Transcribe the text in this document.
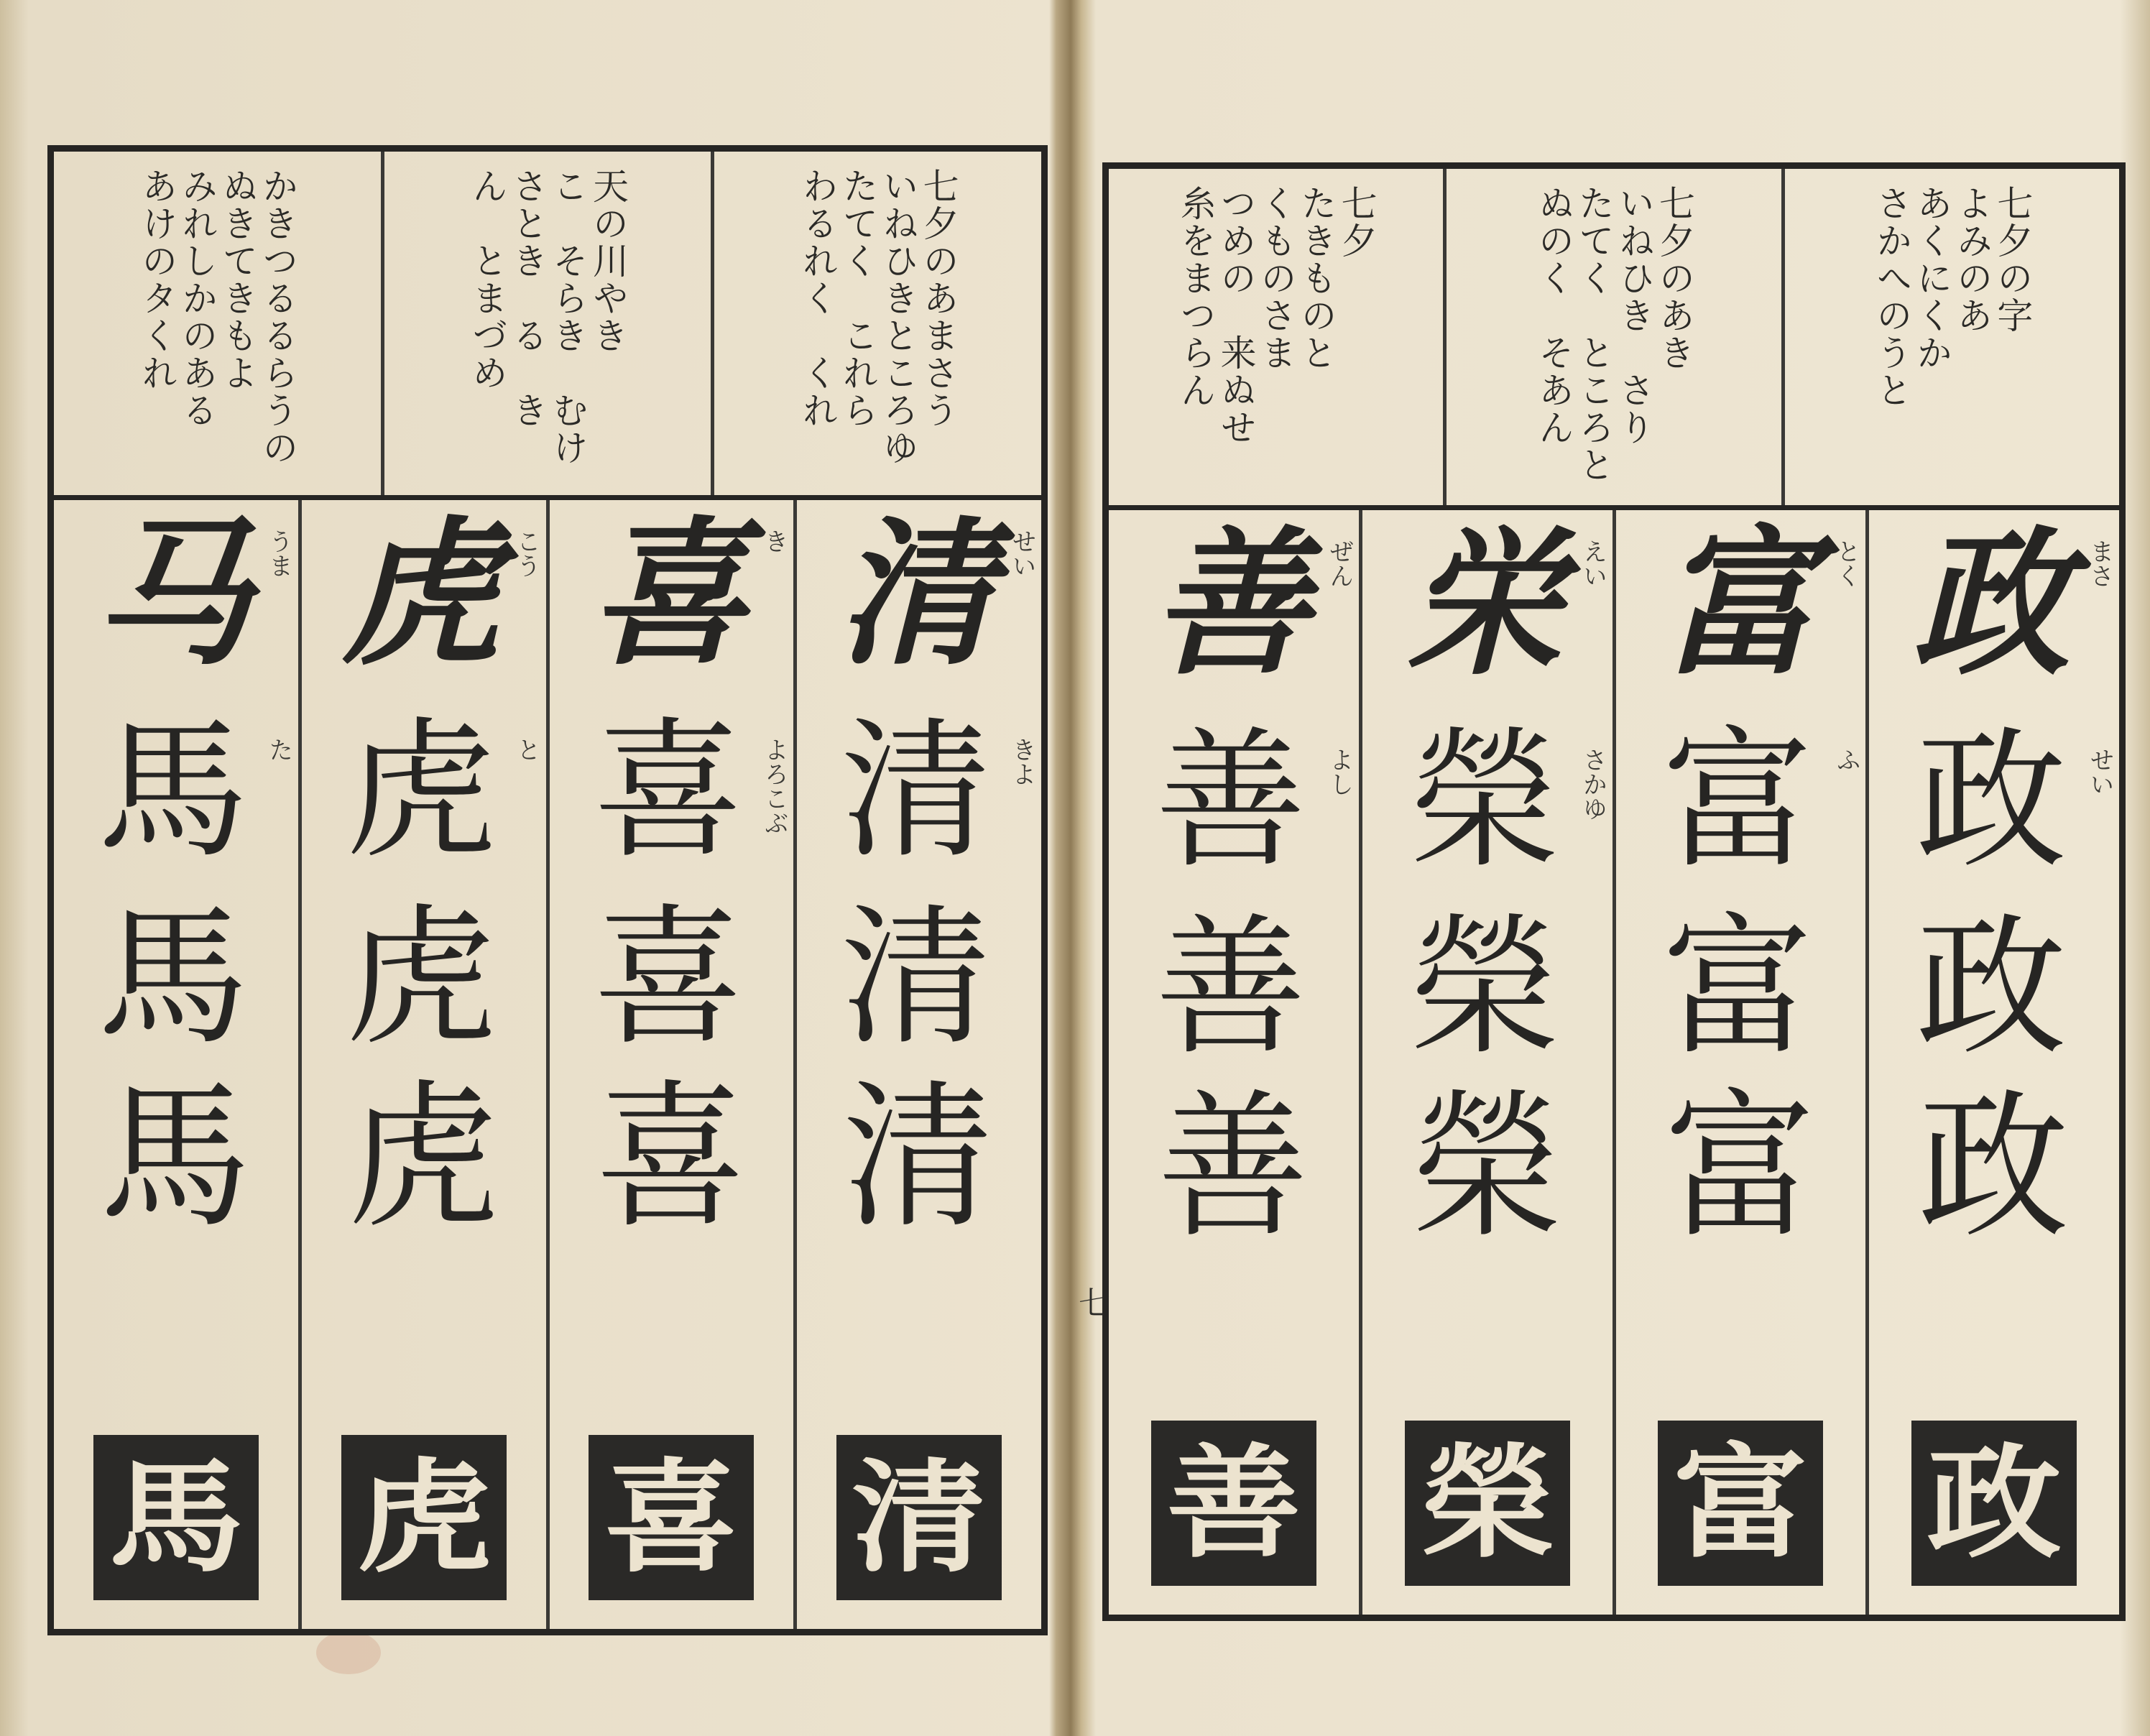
七夕のあまさう
いねひきところゆ
たてく　これら
わるれく　くれ
天の川やき
こ　そらき　むけ
さとき　る　き
ん　とまづめ
かきつるるらうの
ぬきてきもよ
みれしかのある
あけのタくれ
せい
きよ
清
清
清
清
清
き
よろこぶ
喜
喜
喜
喜
喜
こう
と
虎
虎
虎
虎
虎
うま
た
马
馬
馬
馬
馬
七
七夕の字
よみのあ
あくにくか
さかへのうと
七夕のあき
いねひき　さり
たてく　ところと
ぬのく　そあん
七夕
たきものと
くものさま
つめの　来ぬせ
糸をまつらん
まさ
せい
政
政
政
政
政
とく
ふ
富
富
富
富
富
えい
さかゆ
栄
榮
榮
榮
榮
ぜん
よし
善
善
善
善
善
